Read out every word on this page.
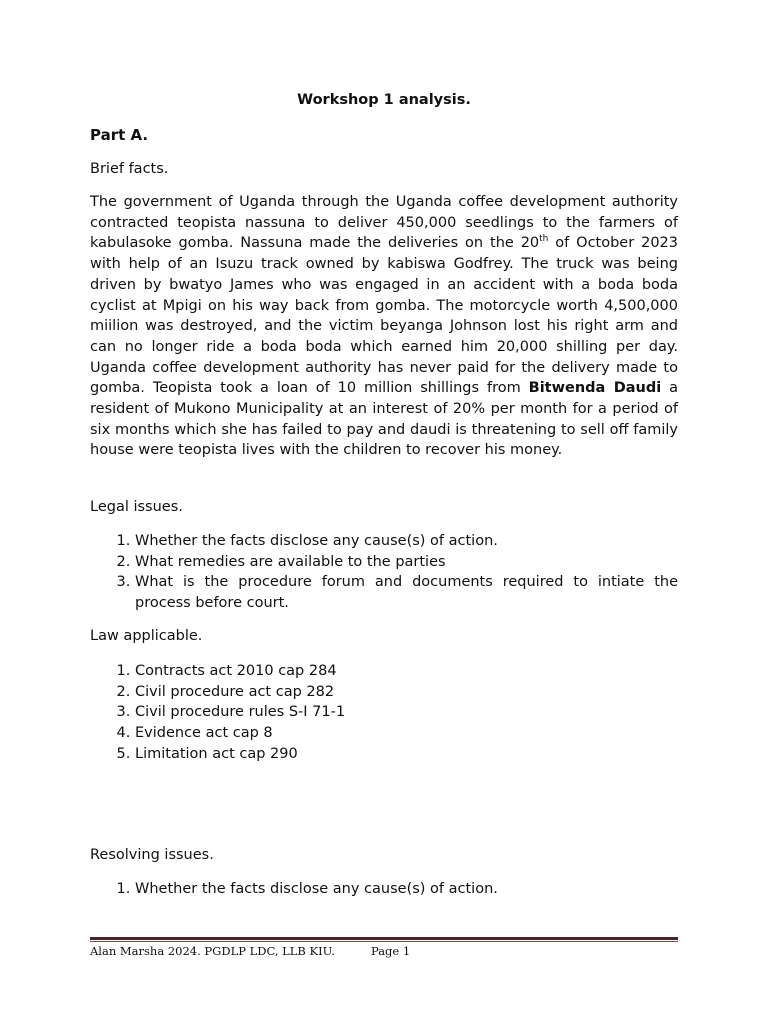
Workshop 1 analysis.
Part A.
Brief facts.

The government of Uganda through the Uganda coffee development authority contracted teopista nassuna to deliver 450,000 seedlings to the farmers of kabulasoke gomba. Nassuna made the deliveries on the 20th of October 2023 with help of an Isuzu track owned by kabiswa Godfrey. The truck was being driven by bwatyo James who was engaged in an accident with a boda boda cyclist at Mpigi on his way back from gomba. The motorcycle worth 4,500,000 miilion was destroyed, and the victim beyanga Johnson lost his right arm and can no longer ride a boda boda which earned him 20,000 shilling per day. Uganda coffee development authority has never paid for the delivery made to gomba. Teopista took a loan of 10 million shillings from Bitwenda Daudi a resident of Mukono Municipality at an interest of 20% per month for a period of six months which she has failed to pay and daudi is threatening to sell off family house were teopista lives with the children to recover his money.

Legal issues.
1. Whether the facts disclose any cause(s) of action.
2. What remedies are available to the parties
3. What is the procedure forum and documents required to intiate the process before court.
Law applicable.
1. Contracts act 2010 cap 284
2. Civil procedure act cap 282
3. Civil procedure rules S-I 71-1
4. Evidence act cap 8
5. Limitation act cap 290
Resolving issues.
1. Whether the facts disclose any cause(s) of action.
Alan Marsha 2024. PGDLP LDC, LLB KIU.	Page 1
